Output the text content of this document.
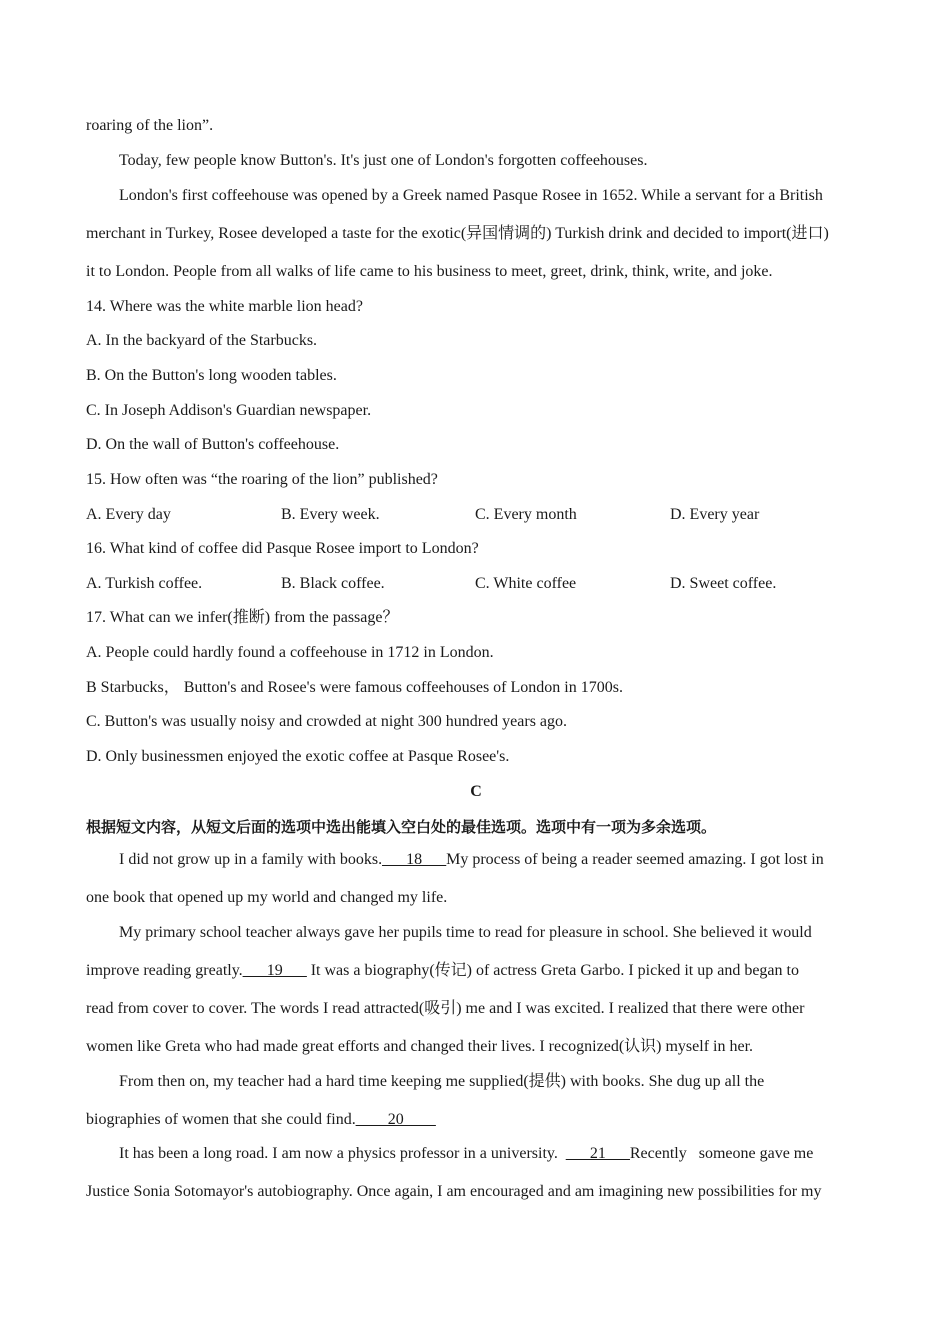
roaring of the lion”.
Today, few people know Button's. It's just one of London's forgotten coffeehouses.
London's first coffeehouse was opened by a Greek named Pasque Rosee in 1652. While a servant for a British
merchant in Turkey, Rosee developed a taste for the exotic(异国情调的) Turkish drink and decided to import(进口)
it to London. People from all walks of life came to his business to meet, greet, drink, think, write, and joke.
14. Where was the white marble lion head?
A. In the backyard of the Starbucks.
B. On the Button's long wooden tables.
C. In Joseph Addison's Guardian newspaper.
D. On the wall of Button's coffeehouse.
15. How often was “the roaring of the lion” published?
A. Every day	B. Every week.	C. Every month	D. Every year
16. What kind of coffee did Pasque Rosee import to London?
A. Turkish coffee.	B. Black coffee.	C. White coffee	D. Sweet coffee.
17. What can we infer(推断) from the passage？
A. People could hardly found a coffeehouse in 1712 in London.
B Starbucks， Button's and Rosee's were famous coffeehouses of London in 1700s.
C. Button's was usually noisy and crowded at night 300 hundred years ago.
D. Only businessmen enjoyed the exotic coffee at Pasque Rosee's.
C
根据短文内容，从短文后面的选项中选出能填入空白处的最佳选项。选项中有一项为多余选项。
I did not grow up in a family with books.___18___My process of being a reader seemed amazing. I got lost in
one book that opened up my world and changed my life.
My primary school teacher always gave her pupils time to read for pleasure in school. She believed it would
improve reading greatly.___19___ It was a biography(传记) of actress Greta Garbo. I picked it up and began to
read from cover to cover. The words I read attracted(吸引) me and I was excited. I realized that there were other
women like Greta who had made great efforts and changed their lives. I recognized(认识) myself in her.
From then on, my teacher had a hard time keeping me supplied(提供) with books. She dug up all the
biographies of women that she could find.____20____
It has been a long road. I am now a physics professor in a university.  ___21___Recently   someone gave me
Justice Sonia Sotomayor's autobiography. Once again, I am encouraged and am imagining new possibilities for my
